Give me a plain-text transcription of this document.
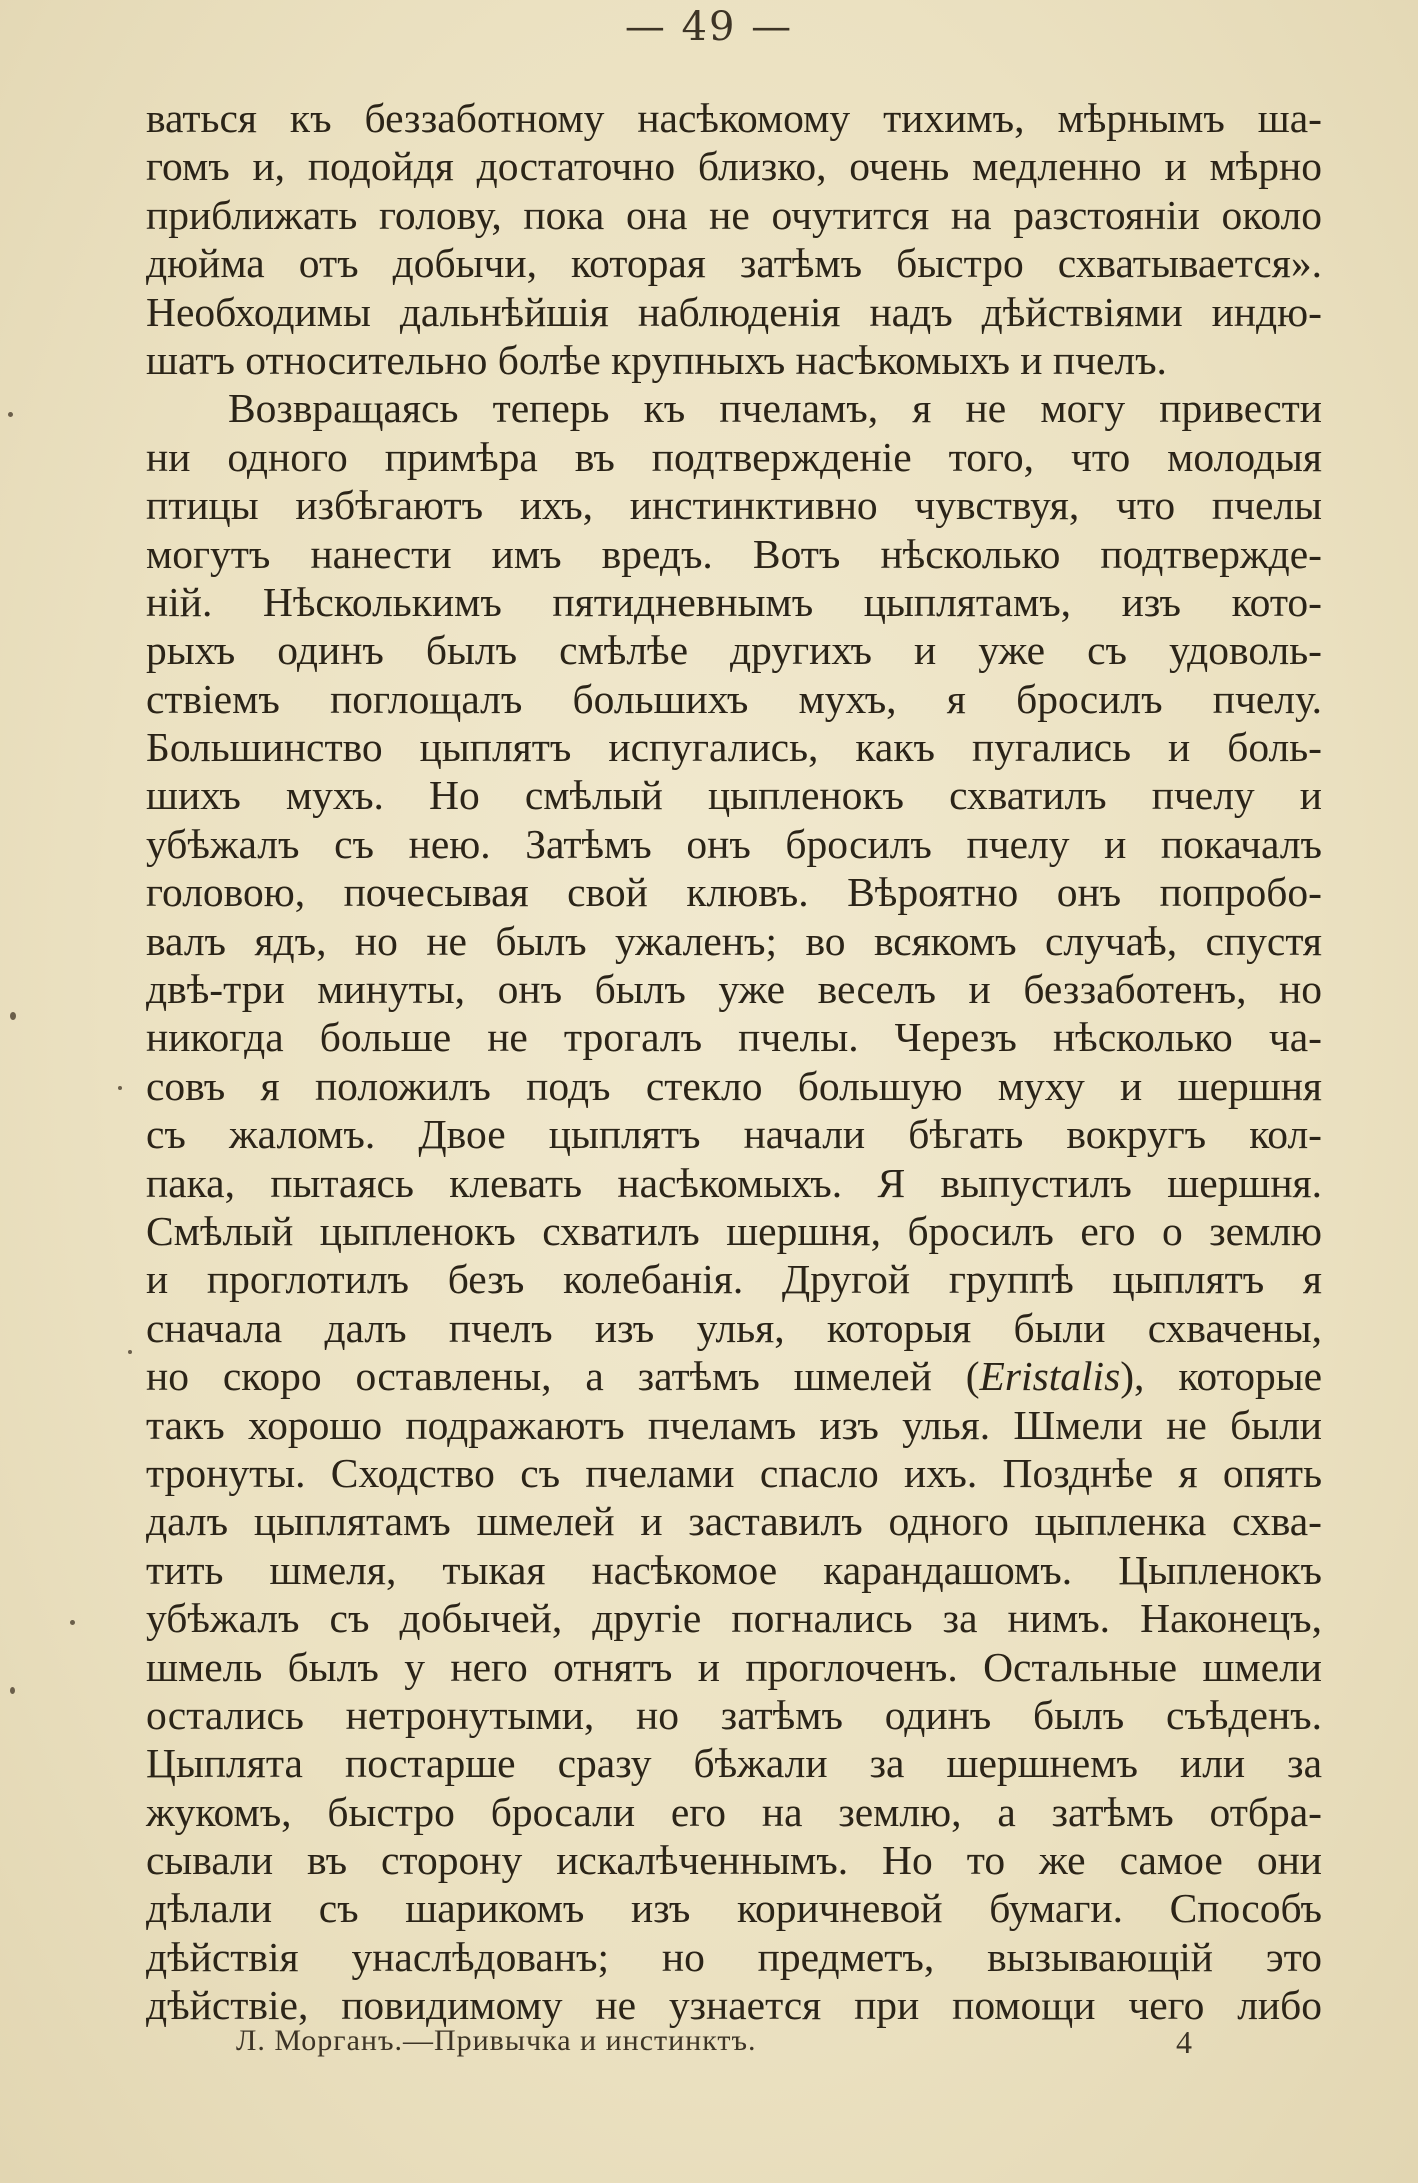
— 49 —
ваться къ беззаботному насѣкомому тихимъ, мѣрнымъ ша-
гомъ и, подойдя достаточно близко, очень медленно и мѣрно
приближать голову, пока она не очутится на разстояніи около
дюйма отъ добычи, которая затѣмъ быстро схватывается».
Необходимы дальнѣйшія наблюденія надъ дѣйствіями индю-
шатъ относительно болѣе крупныхъ насѣкомыхъ и пчелъ.
Возвращаясь теперь къ пчеламъ, я не могу привести
ни одного примѣра въ подтвержденіе того, что молодыя
птицы избѣгаютъ ихъ, инстинктивно чувствуя, что пчелы
могутъ нанести имъ вредъ. Вотъ нѣсколько подтвержде-
ній. Нѣсколькимъ пятидневнымъ цыплятамъ, изъ кото-
рыхъ одинъ былъ смѣлѣе другихъ и уже съ удоволь-
ствіемъ поглощалъ большихъ мухъ, я бросилъ пчелу.
Большинство цыплятъ испугались, какъ пугались и боль-
шихъ мухъ. Но смѣлый цыпленокъ схватилъ пчелу и
убѣжалъ съ нею. Затѣмъ онъ бросилъ пчелу и покачалъ
головою, почесывая свой клювъ. Вѣроятно онъ попробо-
валъ ядъ, но не былъ ужаленъ; во всякомъ случаѣ, спустя
двѣ-три минуты, онъ былъ уже веселъ и беззаботенъ, но
никогда больше не трогалъ пчелы. Черезъ нѣсколько ча-
совъ я положилъ подъ стекло большую муху и шершня
съ жаломъ. Двое цыплятъ начали бѣгать вокругъ кол-
пака, пытаясь клевать насѣкомыхъ. Я выпустилъ шершня.
Смѣлый цыпленокъ схватилъ шершня, бросилъ его о землю
и проглотилъ безъ колебанія. Другой группѣ цыплятъ я
сначала далъ пчелъ изъ улья, которыя были схвачены,
но скоро оставлены, а затѣмъ шмелей (Eristalis), которые
такъ хорошо подражаютъ пчеламъ изъ улья. Шмели не были
тронуты. Сходство съ пчелами спасло ихъ. Позднѣе я опять
далъ цыплятамъ шмелей и заставилъ одного цыпленка схва-
тить шмеля, тыкая насѣкомое карандашомъ. Цыпленокъ
убѣжалъ съ добычей, другіе погнались за нимъ. Наконецъ,
шмель былъ у него отнятъ и проглоченъ. Остальные шмели
остались нетронутыми, но затѣмъ одинъ былъ съѣденъ.
Цыплята постарше сразу бѣжали за шершнемъ или за
жукомъ, быстро бросали его на землю, а затѣмъ отбра-
сывали въ сторону искалѣченнымъ. Но то же самое они
дѣлали съ шарикомъ изъ коричневой бумаги. Способъ
дѣйствія унаслѣдованъ; но предметъ, вызывающій это
дѣйствіе, повидимому не узнается при помощи чего либо
Л. Морганъ.—Привычка и инстинктъ.	4
